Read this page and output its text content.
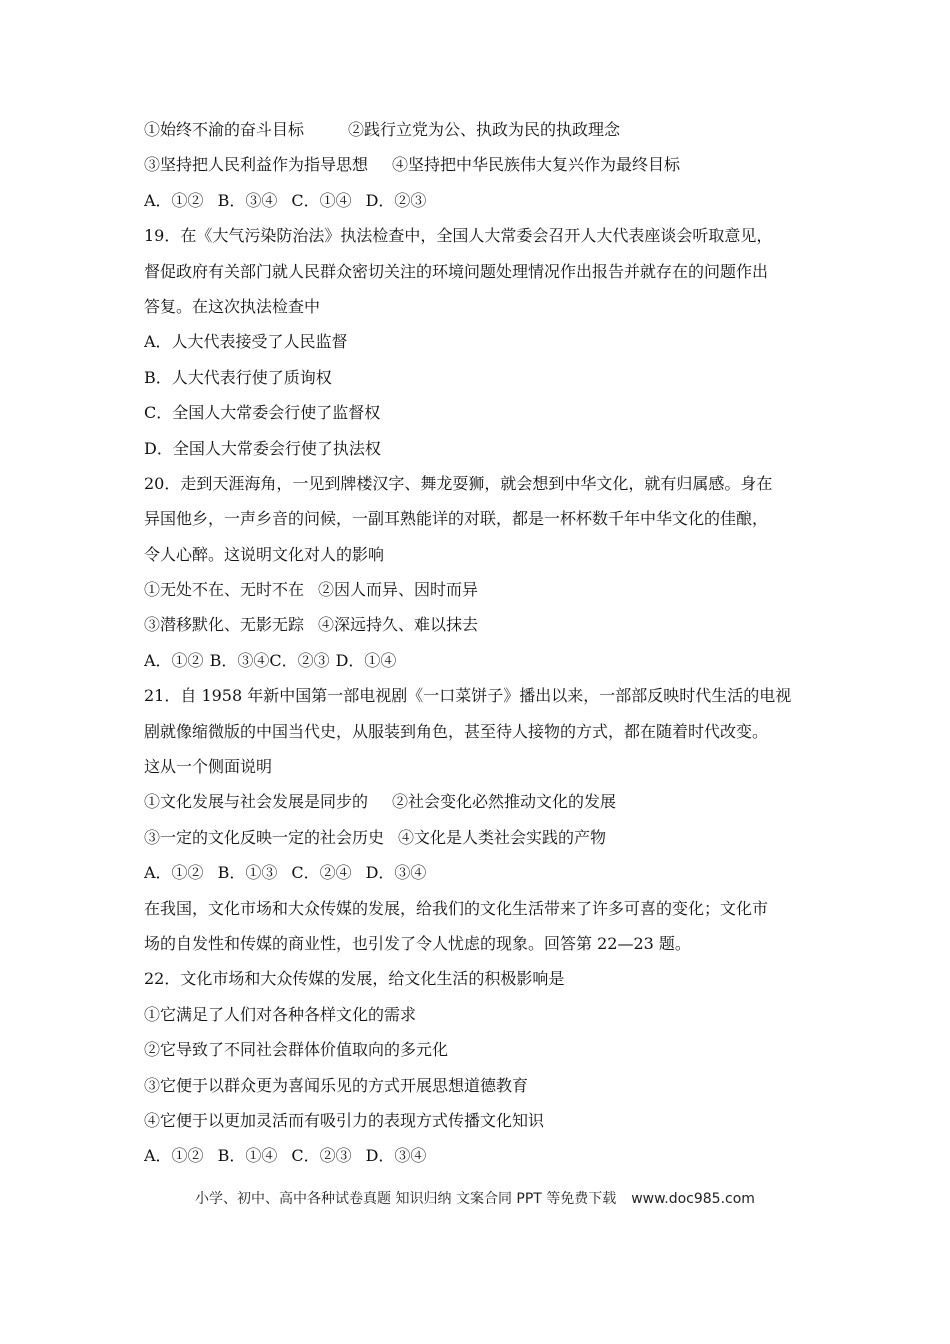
①始终不渝的奋斗目标	②践行立党为公、执政为民的执政理念
③坚持把人民利益作为指导思想 ④坚持把中华民族伟大复兴作为最终目标
A．①② B．③④ C．①④ D．②③
19．在《大气污染防治法》执法检查中，全国人大常委会召开人大代表座谈会听取意见，
督促政府有关部门就人民群众密切关注的环境问题处理情况作出报告并就存在的问题作出
答复。在这次执法检查中
A．人大代表接受了人民监督
B．人大代表行使了质询权
C．全国人大常委会行使了监督权
D．全国人大常委会行使了执法权
20．走到天涯海角，一见到牌楼汉字、舞龙耍狮，就会想到中华文化，就有归属感。身在
异国他乡，一声乡音的问候，一副耳熟能详的对联，都是一杯杯数千年中华文化的佳酿，
令人心醉。这说明文化对人的影响
①无处不在、无时不在 ②因人而异、因时而异
③潜移默化、无影无踪 ④深远持久、难以抹去
A．①② B．③④C．②③ D．①④
21．自 1958 年新中国第一部电视剧《一口菜饼子》播出以来，一部部反映时代生活的电视
剧就像缩微版的中国当代史，从服装到角色，甚至待人接物的方式，都在随着时代改变。
这从一个侧面说明
①文化发展与社会发展是同步的 ②社会变化必然推动文化的发展
③一定的文化反映一定的社会历史 ④文化是人类社会实践的产物
A．①② B．①③ C．②④ D．③④
在我国，文化市场和大众传媒的发展，给我们的文化生活带来了许多可喜的变化；文化市
场的自发性和传媒的商业性，也引发了令人忧虑的现象。回答第 22—23 题。
22．文化市场和大众传媒的发展，给文化生活的积极影响是
①它满足了人们对各种各样文化的需求
②它导致了不同社会群体价值取向的多元化
③它便于以群众更为喜闻乐见的方式开展思想道德教育
④它便于以更加灵活而有吸引力的表现方式传播文化知识
A．①② B．①④ C．②③ D．③④
小学、初中、高中各种试卷真题 知识归纳 文案合同 PPT 等免费下载 www.doc985.com
